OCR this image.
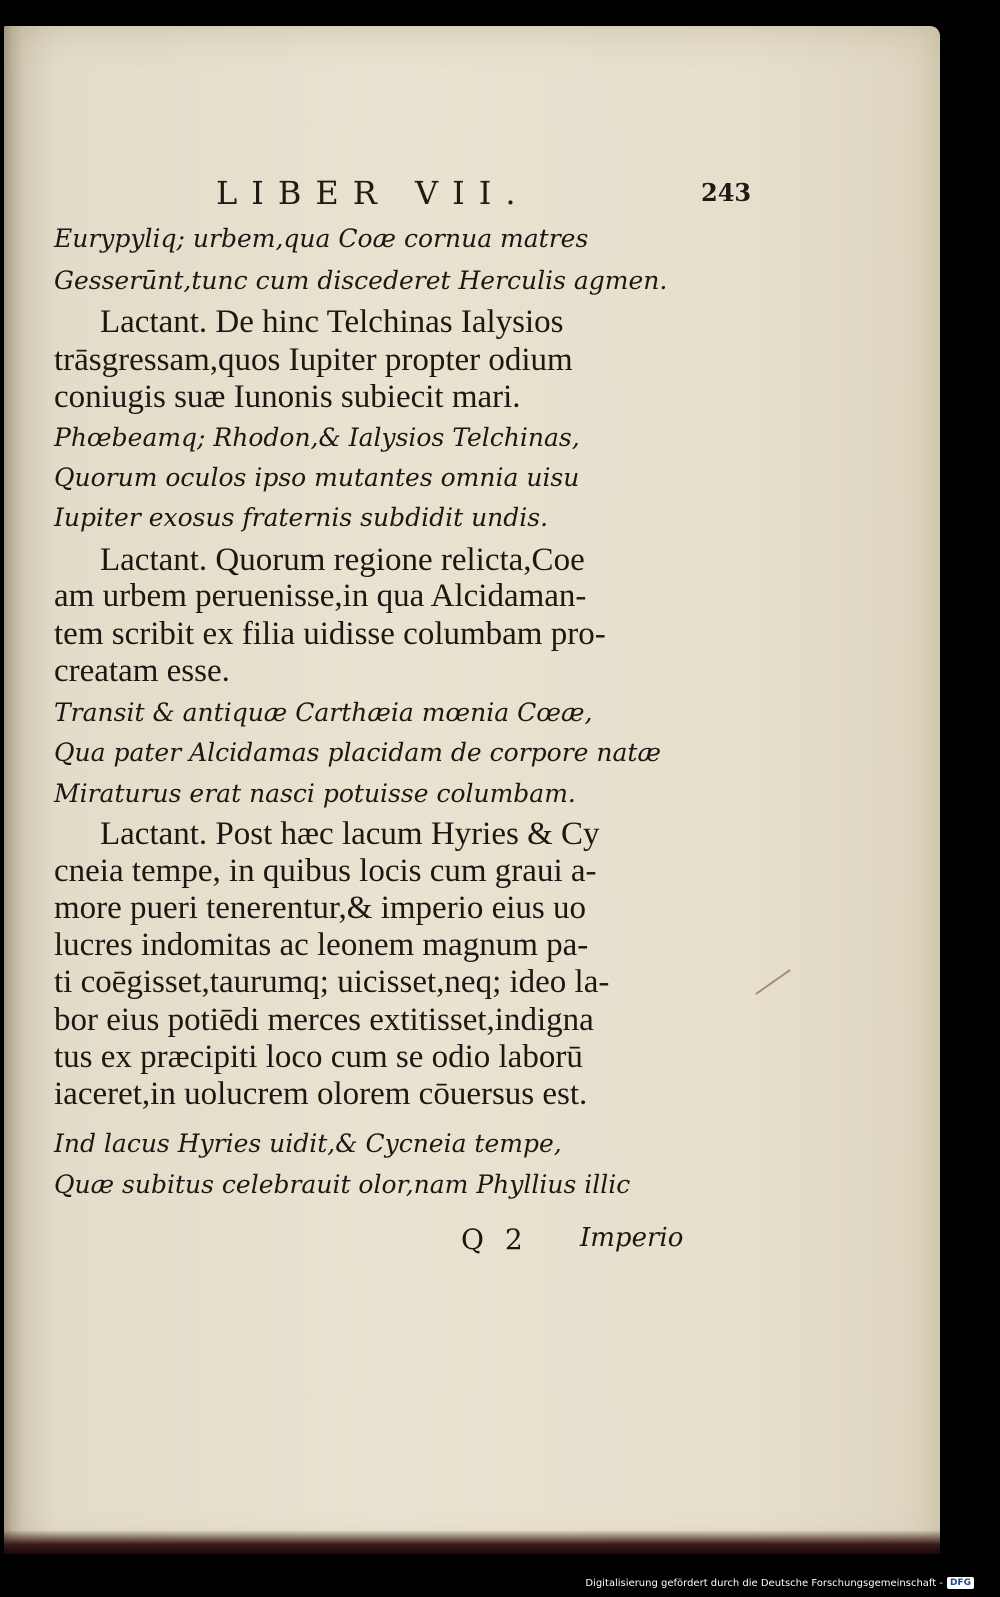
LIBER VII.	243
Eurypyliq; urbem,qua Coæ cornua matres
Gesserūnt,tunc cum discederet Herculis agmen.
Lactant. De hinc Telchinas Ialysios
trāsgressam,quos Iupiter propter odium
coniugis suæ Iunonis subiecit mari.
Phœbeamq; Rhodon,& Ialysios Telchinas,
Quorum oculos ipso mutantes omnia uisu
Iupiter exosus fraternis subdidit undis.
Lactant. Quorum regione relicta,Coe
am urbem peruenisse,in qua Alcidaman-
tem scribit ex filia uidisse columbam pro-
creatam esse.
Transit & antiquæ Carthæia mœnia Cœæ,
Qua pater Alcidamas placidam de corpore natæ
Miraturus erat nasci potuisse columbam.
Lactant. Post hæc lacum Hyries & Cy
cneia tempe, in quibus locis cum graui a-
more pueri tenerentur,& imperio eius uo
lucres indomitas ac leonem magnum pa-
ti coēgisset,taurumq; uicisset,neq; ideo la-
bor eius potiēdi merces extitisset,indigna
tus ex præcipiti loco cum se odio laborū
iaceret,in uolucrem olorem cōuersus est.
Ind lacus Hyries uidit,& Cycneia tempe,
Quæ subitus celebrauit olor,nam Phyllius illic
Q 2 Imperio
Digitalisierung gefördert durch die Deutsche Forschungsgemeinschaft - DFG
